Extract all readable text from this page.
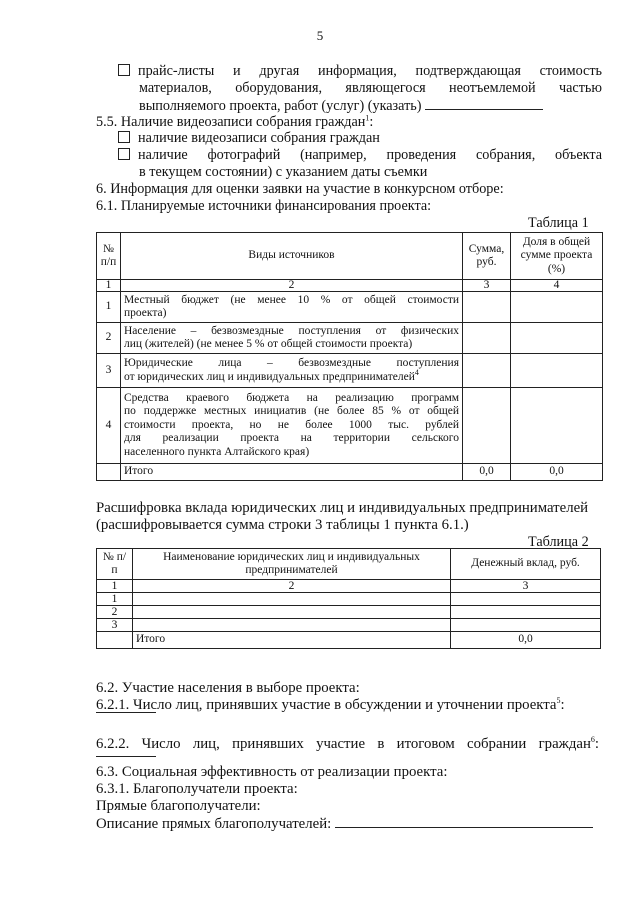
5
прайс-листы и другая информация, подтверждающая стоимость
материалов, оборудования, являющегося неотъемлемой частью
выполняемого проекта, работ (услуг) (указать)
5.5. Наличие видеозаписи собрания граждан$^1$:
наличие видеозаписи собрания граждан
наличие фотографий (например, проведения собрания, объекта
в текущем состоянии) с указанием даты съемки
6. Информация для оценки заявки на участие в конкурсном отборе:
6.1. Планируемые источники финансирования проекта:
Таблица 1
№ п/п	Виды источников	Сумма, руб.	Доля в общей сумме проекта (%)
1	2	3	4
1	Местный бюджет (не менее 10 % от общей стоимости
проекта)		

2	Население – безвозмездные поступления от физических
лиц (жителей) (не менее 5 % от общей стоимости проекта)		

3	Юридические лица – безвозмездные поступления
от юридических лиц и индивидуальных предпринимателей$^4$

4	Средства краевого бюджета на реализацию программ
по поддержке местных инициатив (не более 85 % от общей
стоимости проекта, но не более 1000 тыс. рублей
для реализации проекта на территории сельского
населенного пункта Алтайского края)		

	Итого	0,0	0,0
Расшифровка вклада юридических лиц и индивидуальных предпринимателей
(расшифровывается сумма строки 3 таблицы 1 пункта 6.1.)
Таблица 2
№ п/п	Наименование юридических лиц и индивидуальных предпринимателей	Денежный вклад, руб.
1	2	3
1		
2		
3		
	Итого	0,0
6.2. Участие населения в выборе проекта:
6.2.1. Число лиц, принявших участие в обсуждении и уточнении проекта$^5$:
6.2.2. Число лиц, принявших участие в итоговом собрании граждан$^6$:
6.3. Социальная эффективность от реализации проекта:
6.3.1. Благополучатели проекта:
Прямые благополучатели:
Описание прямых благополучателей:
